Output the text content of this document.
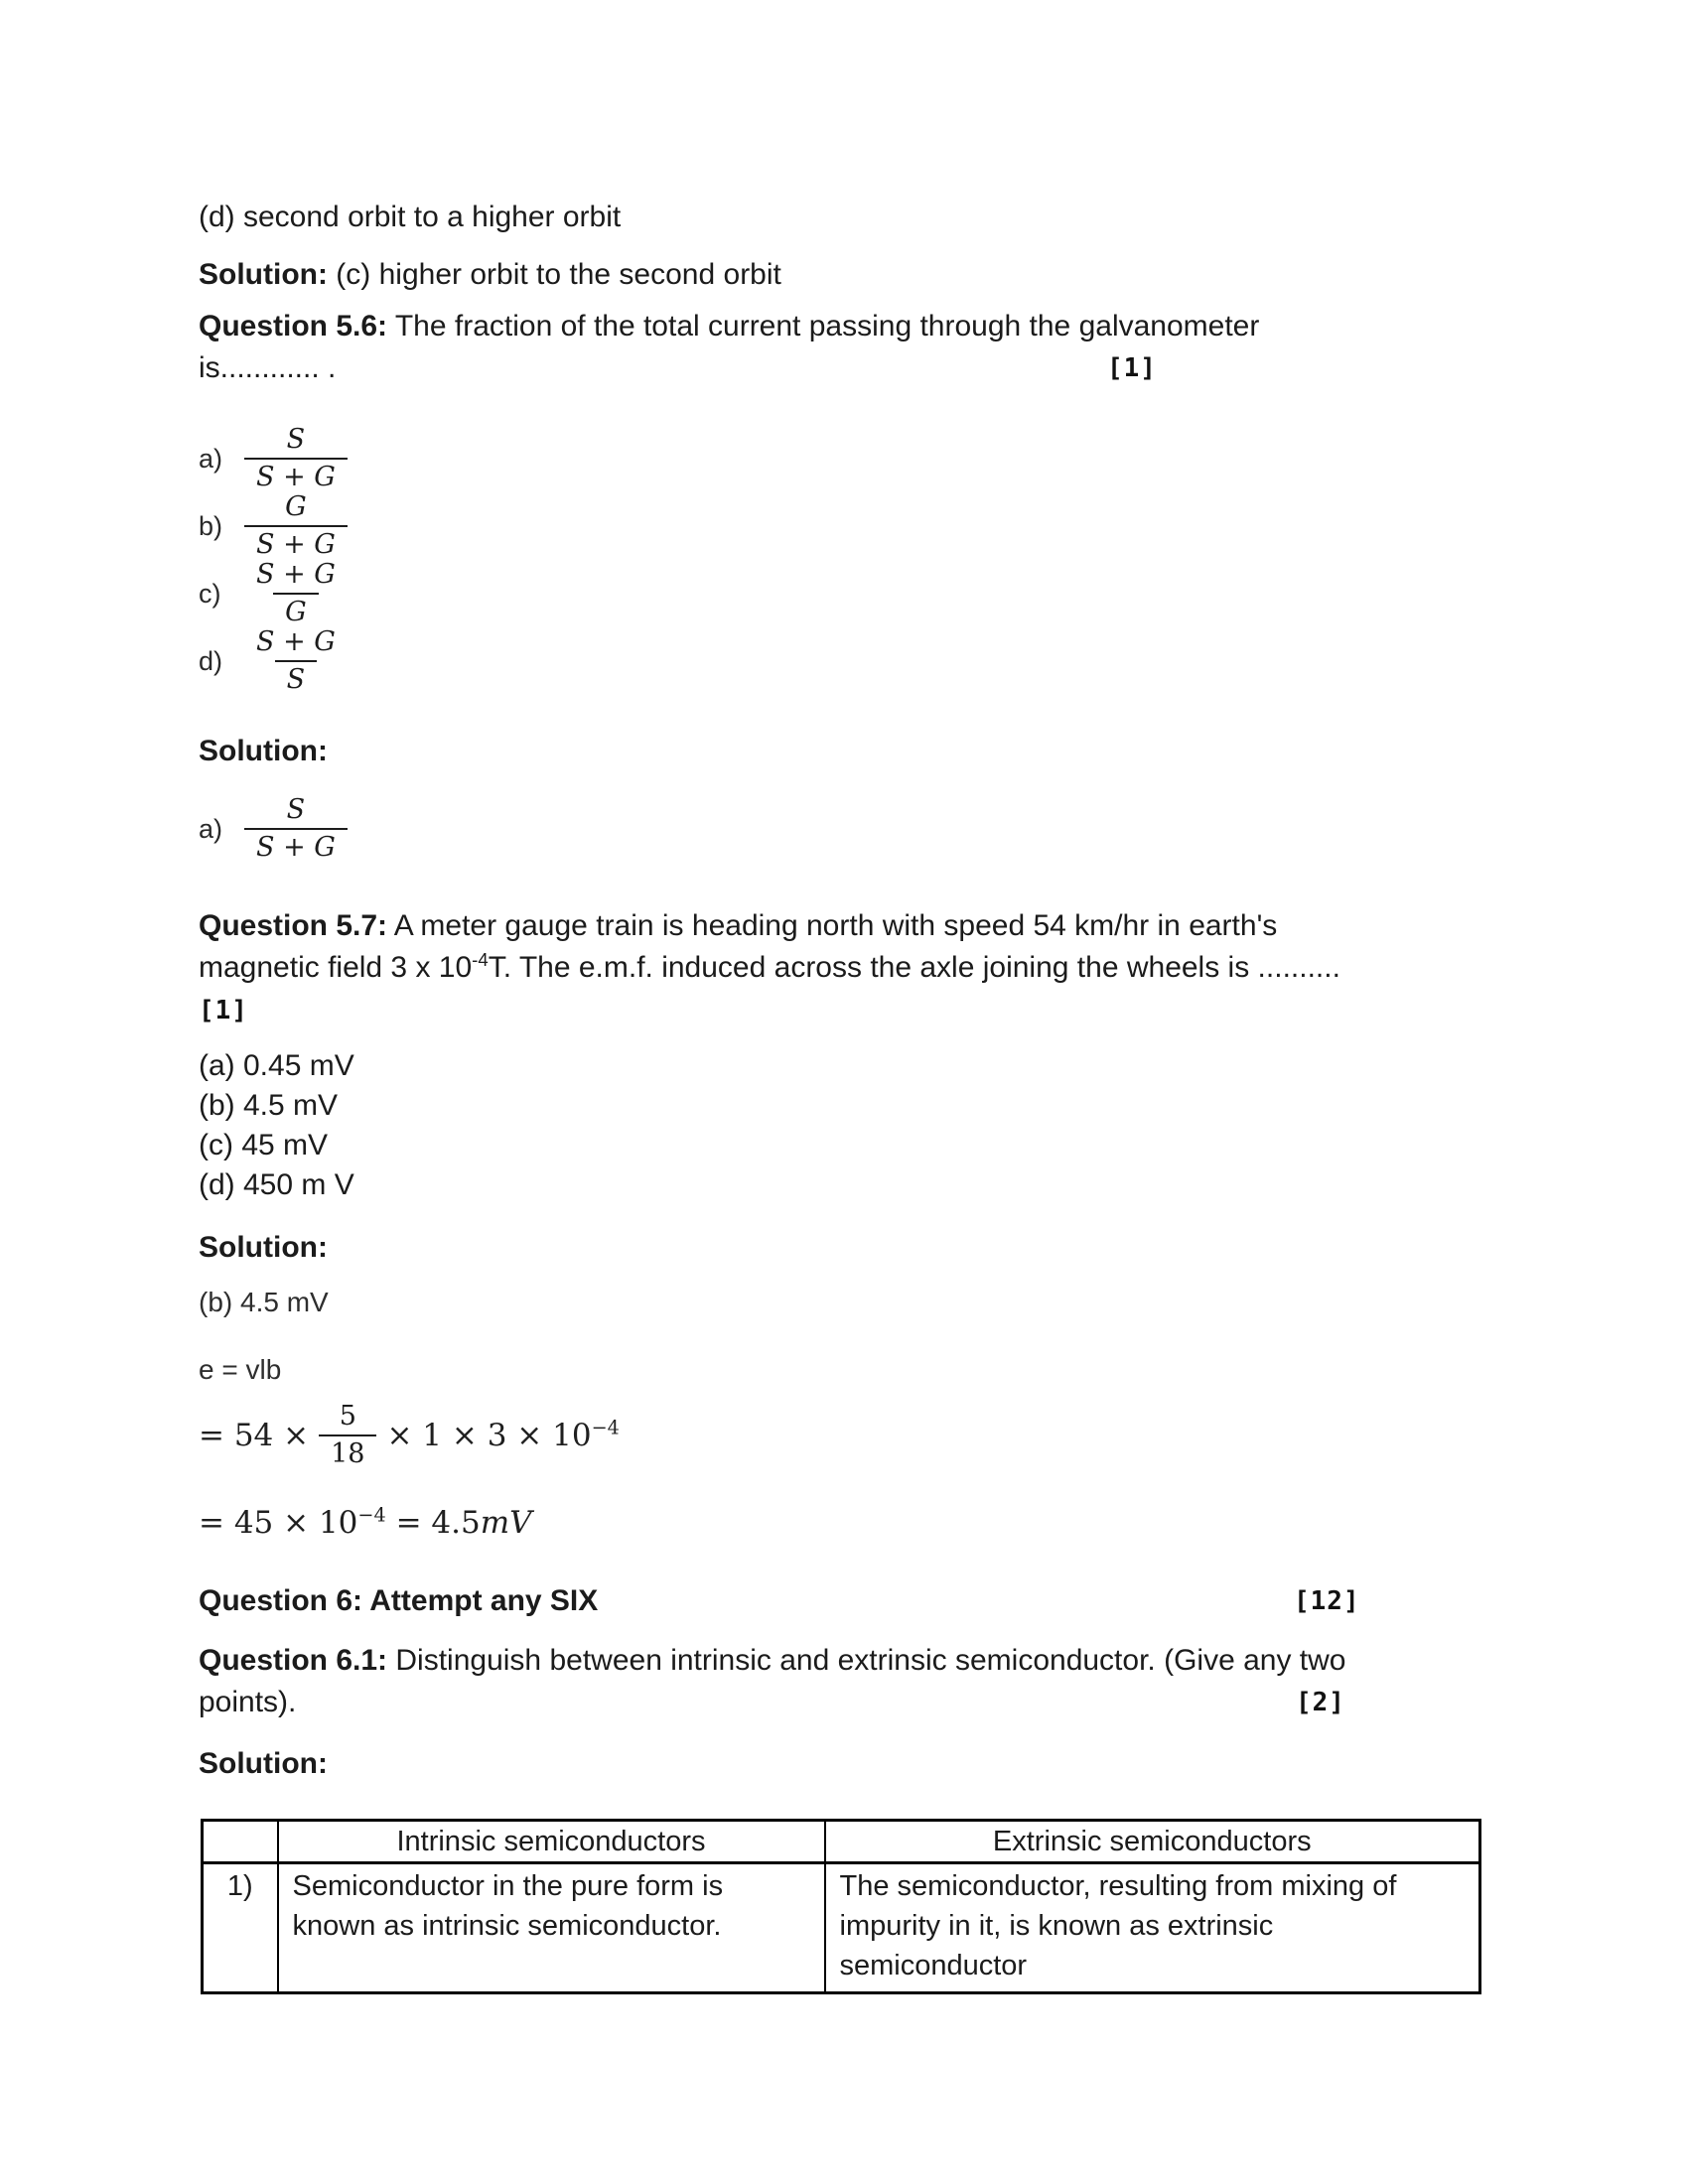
(d) second orbit to a higher orbit
Solution: (c) higher orbit to the second orbit
Question 5.6: The fraction of the total current passing through the galvanometer
is............ .	[1]
$a) \frac{S}{S + G}$
$b) \frac{G}{S + G}$
$c) \frac{S + G}{G}$
$d) \frac{S + G}{S}$
Solution:
$a) \frac{S}{S + G}$
Question 5.7: A meter gauge train is heading north with speed 54 km/hr in earth's
magnetic field 3 x $10^{-4}T$. The e.m.f. induced across the axle joining the wheels is ..........
[1]
(a) 0.45 mV
(b) 4.5 mV
(c) 45 mV
(d) 450 m V
Solution:
(b) 4.5 mV
e = vlb
= $54 \times \frac{5}{18} \times 1 \times 3 \times 10^{-4}$
= $45 \times 10^{-4} = 4.5mV$
Question 6: Attempt any SIX	[12]
Question 6.1: Distinguish between intrinsic and extrinsic semiconductor. (Give any two
points).	[2]
Solution:
	Intrinsic semiconductors	Extrinsic semiconductors
1)	Semiconductor in the pure form is known as intrinsic semiconductor.	The semiconductor, resulting from mixing of impurity in it, is known as extrinsic semiconductor
